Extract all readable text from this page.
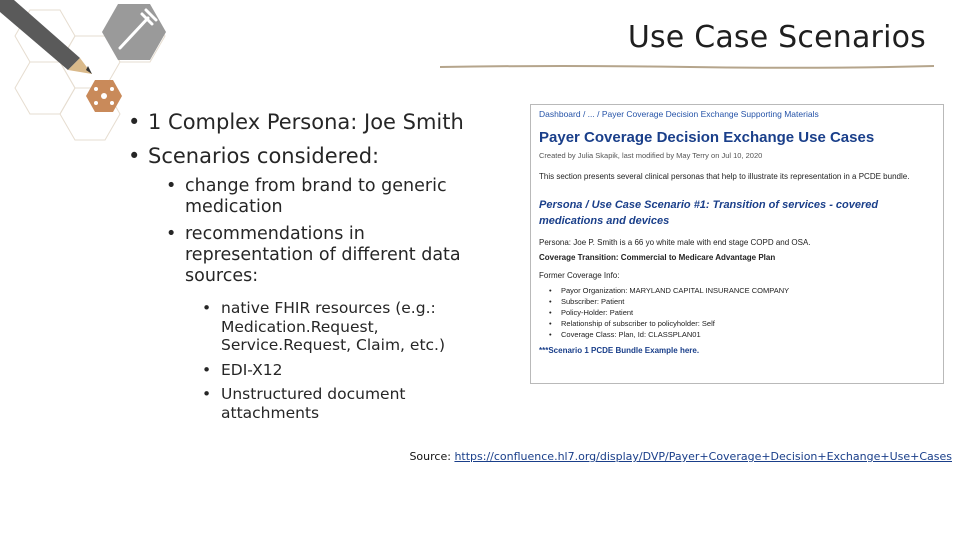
Use Case Scenarios
• 1 Complex Persona: Joe Smith
• Scenarios considered:
• change from brand to generic medication
• recommendations in representation of different data sources:
• native FHIR resources (e.g.: Medication.Request, Service.Request, Claim, etc.)
• EDI-X12
• Unstructured document attachments
Dashboard / ... / Payer Coverage Decision Exchange Supporting Materials
Payer Coverage Decision Exchange Use Cases
Created by Julia Skapik, last modified by May Terry on Jul 10, 2020
This section presents several clinical personas that help to illustrate its representation in a PCDE bundle.
Persona / Use Case Scenario #1: Transition of services - covered medications and devices
Persona: Joe P. Smith is a 66 yo white male with end stage COPD and OSA.
Coverage Transition: Commercial to Medicare Advantage Plan
Former Coverage Info:
• Payor Organization: MARYLAND CAPITAL INSURANCE COMPANY
• Subscriber: Patient
• Policy-Holder: Patient
• Relationship of subscriber to policyholder: Self
• Coverage Class: Plan, Id: CLASSPLAN01
***Scenario 1 PCDE Bundle Example here.
Source: https://confluence.hl7.org/display/DVP/Payer+Coverage+Decision+Exchange+Use+Cases
